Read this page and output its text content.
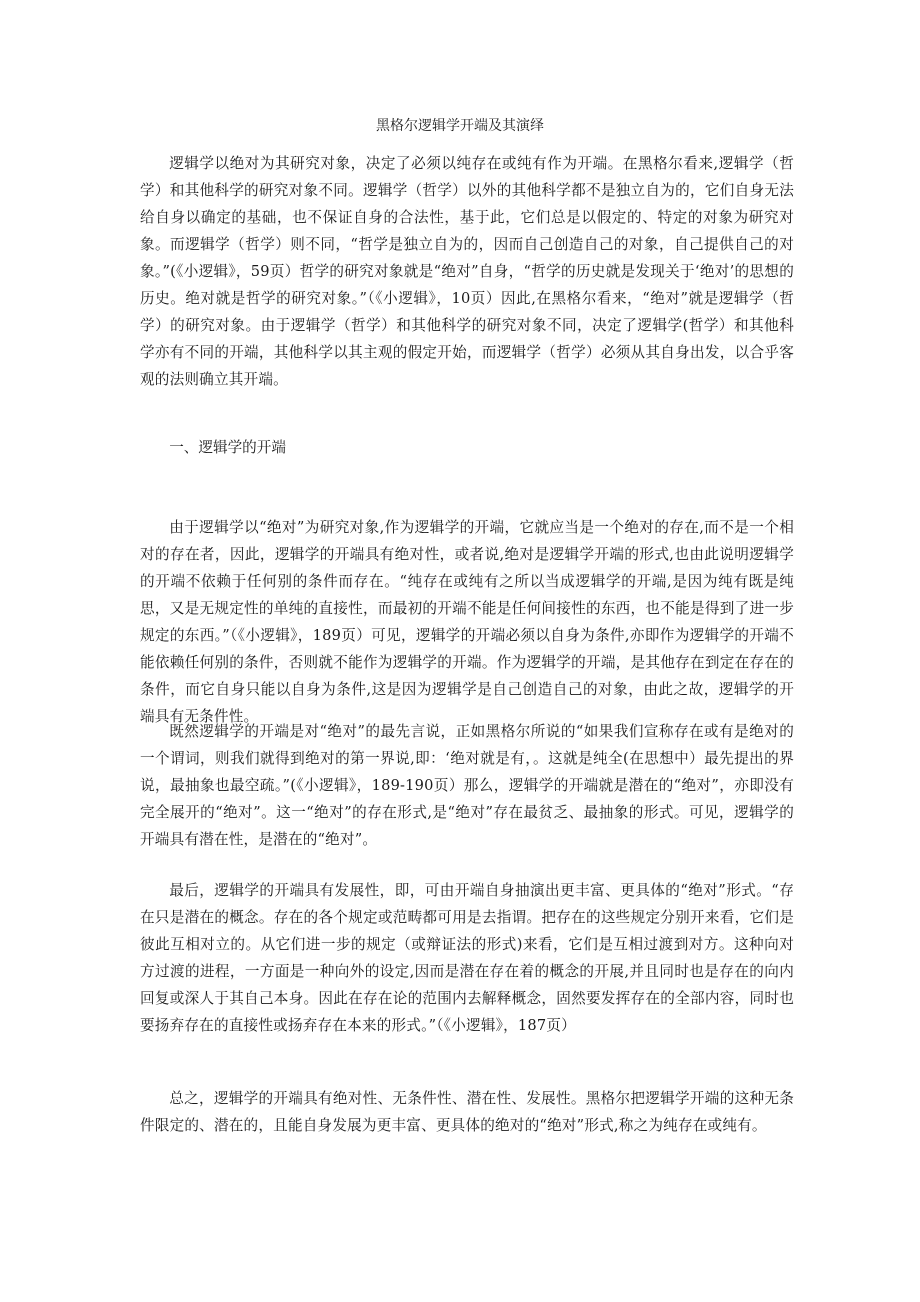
黑格尔逻辑学开端及其演绎

逻辑学以绝对为其研究对象，决定了必须以纯存在或纯有作为开端。在黑格尔看来,逻辑学（哲学）和其他科学的研究对象不同。逻辑学（哲学）以外的其他科学都不是独立自为的，它们自身无法给自身以确定的基础，也不保证自身的合法性，基于此，它们总是以假定的、特定的对象为研究对象。而逻辑学（哲学）则不同，“哲学是独立自为的，因而自己创造自己的对象，自己提供自己的对象。”(《小逻辑》，59页）哲学的研究对象就是“绝对”自身，“哲学的历史就是发现关于‘绝对’的思想的历史。绝对就是哲学的研究对象。”（《小逻辑》，10页）因此,在黑格尔看来，“绝对”就是逻辑学（哲学）的研究对象。由于逻辑学（哲学）和其他科学的研究对象不同，决定了逻辑学(哲学）和其他科学亦有不同的开端，其他科学以其主观的假定开始，而逻辑学（哲学）必须从其自身出发，以合乎客观的法则确立其开端。

一、逻辑学的开端

由于逻辑学以“绝对”为研究对象,作为逻辑学的开端，它就应当是一个绝对的存在,而不是一个相对的存在者，因此，逻辑学的开端具有绝对性，或者说,绝对是逻辑学开端的形式,也由此说明逻辑学的开端不依赖于任何别的条件而存在。“纯存在或纯有之所以当成逻辑学的开端,是因为纯有既是纯思，又是无规定性的单纯的直接性，而最初的开端不能是任何间接性的东西，也不能是得到了进一步规定的东西。”（《小逻辑》，189页）可见，逻辑学的开端必须以自身为条件,亦即作为逻辑学的开端不能依赖任何别的条件，否则就不能作为逻辑学的开端。作为逻辑学的开端，是其他存在到定在存在的条件，而它自身只能以自身为条件,这是因为逻辑学是自己创造自己的对象，由此之故，逻辑学的开端具有无条件性。

既然逻辑学的开端是对“绝对”的最先言说，正如黑格尔所说的“如果我们宣称存在或有是绝对的一个谓词，则我们就得到绝对的第一界说,即：‘绝对就是有，。这就是纯全(在思想中）最先提出的界说，最抽象也最空疏。”(《小逻辑》，189-190页）那么，逻辑学的开端就是潜在的“绝对”，亦即没有完全展开的“绝对”。这一“绝对”的存在形式,是“绝对”存在最贫乏、最抽象的形式。可见，逻辑学的开端具有潜在性，是潜在的“绝对”。

最后，逻辑学的开端具有发展性，即，可由开端自身抽演出更丰富、更具体的“绝对”形式。“存在只是潜在的概念。存在的各个规定或范畴都可用是去指谓。把存在的这些规定分别开来看，它们是彼此互相对立的。从它们进一步的规定（或辩证法的形式)来看，它们是互相过渡到对方。这种向对方过渡的进程，一方面是一种向外的设定,因而是潜在存在着的概念的开展,并且同时也是存在的向内回复或深人于其自己本身。因此在存在论的范围内去解释概念，固然要发挥存在的全部内容，同时也要扬弃存在的直接性或扬弃存在本来的形式。”（《小逻辑》，187页）

总之，逻辑学的开端具有绝对性、无条件性、潜在性、发展性。黑格尔把逻辑学开端的这种无条件限定的、潜在的，且能自身发展为更丰富、更具体的绝对的“绝对”形式,称之为纯存在或纯有。
